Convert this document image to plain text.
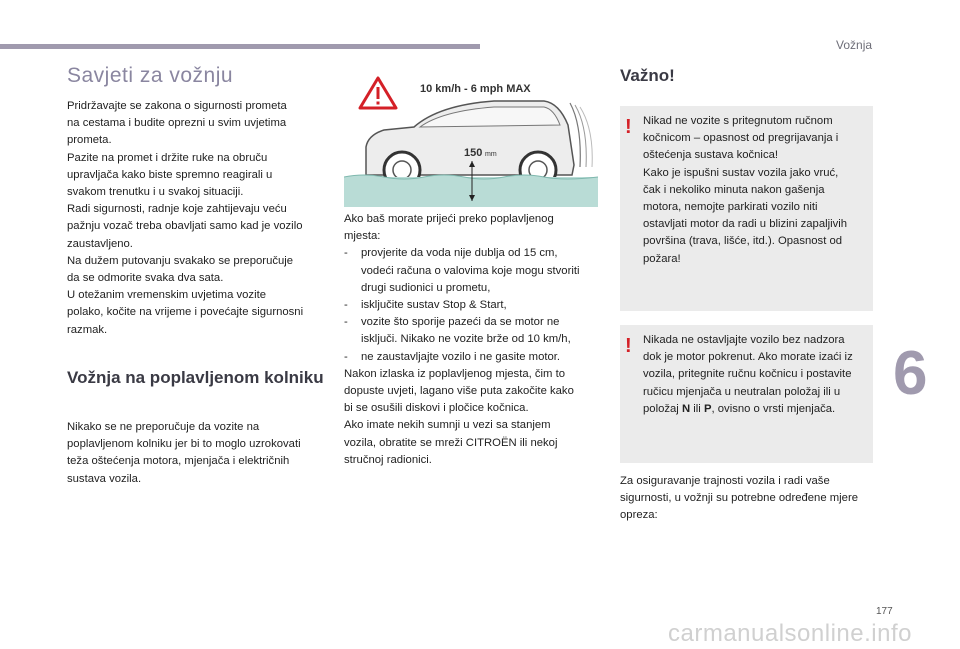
Vožnja
6
177
carmanualsonline.info
Savjeti za vožnju

Pridržavajte se zakona o sigurnosti prometa
na cestama i budite oprezni u svim uvjetima
prometa.
Pazite na promet i držite ruke na obruču
upravljača kako biste spremno reagirali u
svakom trenutku i u svakoj situaciji.
Radi sigurnosti, radnje koje zahtijevaju veću
pažnju vozač treba obavljati samo kad je vozilo
zaustavljeno.
Na dužem putovanju svakako se preporučuje
da se odmorite svaka dva sata.
U otežanim vremenskim uvjetima vozite
polako, kočite na vrijeme i povećajte sigurnosni
razmak.

Vožnja na poplavljenom kolniku

Nikako se ne preporučuje da vozite na
poplavljenom kolniku jer bi to moglo uzrokovati
teža oštećenja motora, mjenjača i električnih
sustava vozila.

10 km/h - 6 mph MAX
150 mm
Ako baš morate prijeći preko poplavljenog
mjesta:
-	provjerite da voda nije dublja od 15 cm,
vodeći računa o valovima koje mogu stvoriti
drugi sudionici u prometu,
-	isključite sustav Stop & Start,
-	vozite što sporije pazeći da se motor ne
isključi. Nikako ne vozite brže od 10 km/h,
-	ne zaustavljajte vozilo i ne gasite motor.
Nakon izlaska iz poplavljenog mjesta, čim to
dopuste uvjeti, lagano više puta zakočite kako
bi se osušili diskovi i pločice kočnica.
Ako imate nekih sumnji u vezi sa stanjem
vozila, obratite se mreži CITROËN ili nekoj
stručnoj radionici.
Važno!
! Nikad ne vozite s pritegnutom ručnom
kočnicom – opasnost od pregrijavanja i
oštećenja sustava kočnica!
Kako je ispušni sustav vozila jako vruć,
čak i nekoliko minuta nakon gašenja
motora, nemojte parkirati vozilo niti
ostavljati motor da radi u blizini zapaljivih
površina (trava, lišće, itd.). Opasnost od
požara!

! Nikada ne ostavljajte vozilo bez nadzora
dok je motor pokrenut. Ako morate izaći iz
vozila, pritegnite ručnu kočnicu i postavite
ručicu mjenjača u neutralan položaj ili u
položaj N ili P, ovisno o vrsti mjenjača.

Za osiguravanje trajnosti vozila i radi vaše
sigurnosti, u vožnji su potrebne određene mjere
opreza:
